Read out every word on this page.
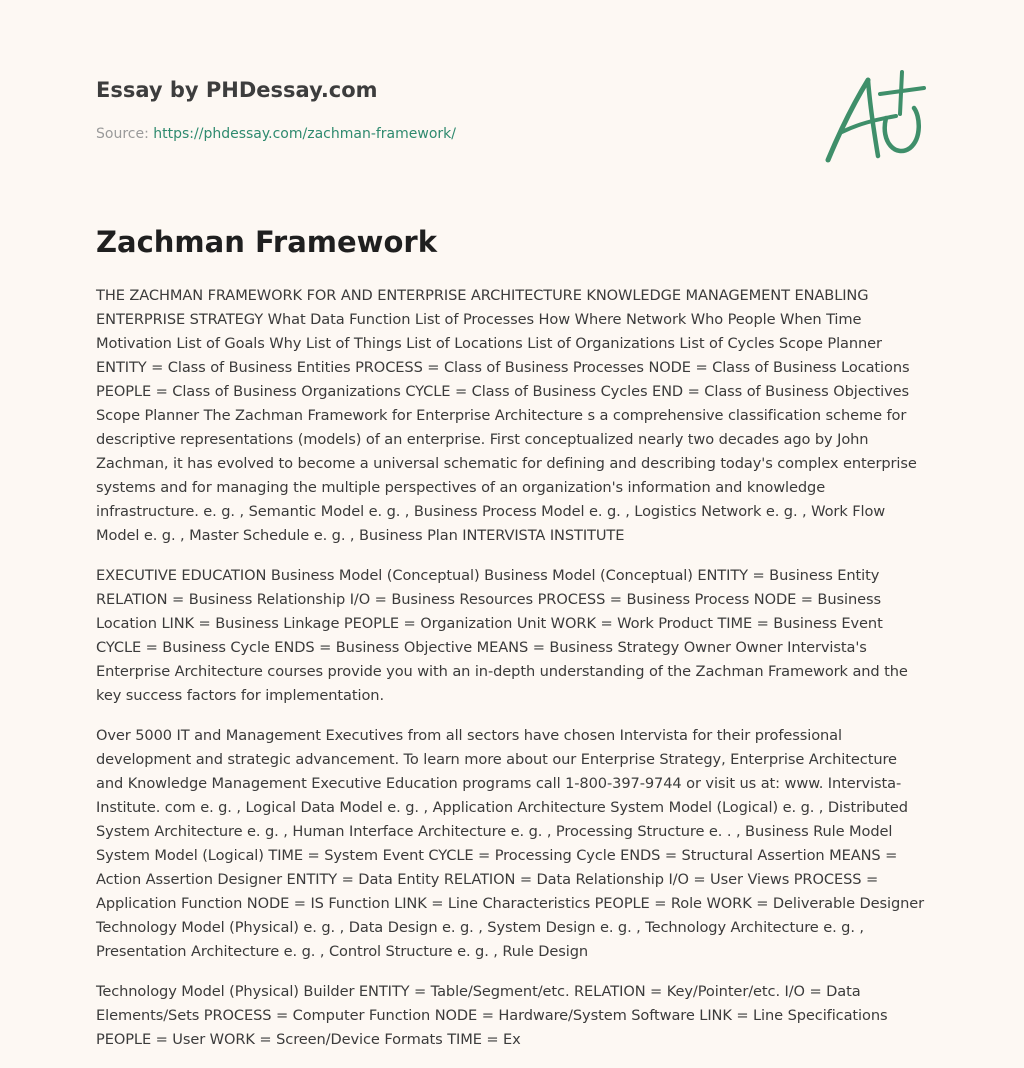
Essay by PHDessay.com
Source: https://phdessay.com/zachman-framework/
Zachman Framework

THE ZACHMAN FRAMEWORK FOR AND ENTERPRISE ARCHITECTURE KNOWLEDGE MANAGEMENT ENABLING ENTERPRISE STRATEGY What Data Function List of Processes How Where Network Who People When Time Motivation List of Goals Why List of Things List of Locations List of Organizations List of Cycles Scope Planner ENTITY = Class of Business Entities PROCESS = Class of Business Processes NODE = Class of Business Locations PEOPLE = Class of Business Organizations CYCLE = Class of Business Cycles END = Class of Business Objectives Scope Planner The Zachman Framework for Enterprise Architecture s a comprehensive classification scheme for descriptive representations (models) of an enterprise. First conceptualized nearly two decades ago by John Zachman, it has evolved to become a universal schematic for defining and describing today's complex enterprise systems and for managing the multiple perspectives of an organization's information and knowledge infrastructure. e. g. , Semantic Model e. g. , Business Process Model e. g. , Logistics Network e. g. , Work Flow Model e. g. , Master Schedule e. g. , Business Plan INTERVISTA INSTITUTE

EXECUTIVE EDUCATION Business Model (Conceptual) Business Model (Conceptual) ENTITY = Business Entity RELATION = Business Relationship I/O = Business Resources PROCESS = Business Process NODE = Business Location LINK = Business Linkage PEOPLE = Organization Unit WORK = Work Product TIME = Business Event CYCLE = Business Cycle ENDS = Business Objective MEANS = Business Strategy Owner Owner Intervista's Enterprise Architecture courses provide you with an in-depth understanding of the Zachman Framework and the key success factors for implementation.

Over 5000 IT and Management Executives from all sectors have chosen Intervista for their professional development and strategic advancement. To learn more about our Enterprise Strategy, Enterprise Architecture and Knowledge Management Executive Education programs call 1-800-397-9744 or visit us at: www. Intervista-Institute. com e. g. , Logical Data Model e. g. , Application Architecture System Model (Logical) e. g. , Distributed System Architecture e. g. , Human Interface Architecture e. g. , Processing Structure e. . , Business Rule Model System Model (Logical) TIME = System Event CYCLE = Processing Cycle ENDS = Structural Assertion MEANS = Action Assertion Designer ENTITY = Data Entity RELATION = Data Relationship I/O = User Views PROCESS = Application Function NODE = IS Function LINK = Line Characteristics PEOPLE = Role WORK = Deliverable Designer Technology Model (Physical) e. g. , Data Design e. g. , System Design e. g. , Technology Architecture e. g. , Presentation Architecture e. g. , Control Structure e. g. , Rule Design

Technology Model (Physical) Builder ENTITY = Table/Segment/etc. RELATION = Key/Pointer/etc. I/O = Data Elements/Sets PROCESS = Computer Function NODE = Hardware/System Software LINK = Line Specifications PEOPLE = User WORK = Screen/Device Formats TIME = Ex
